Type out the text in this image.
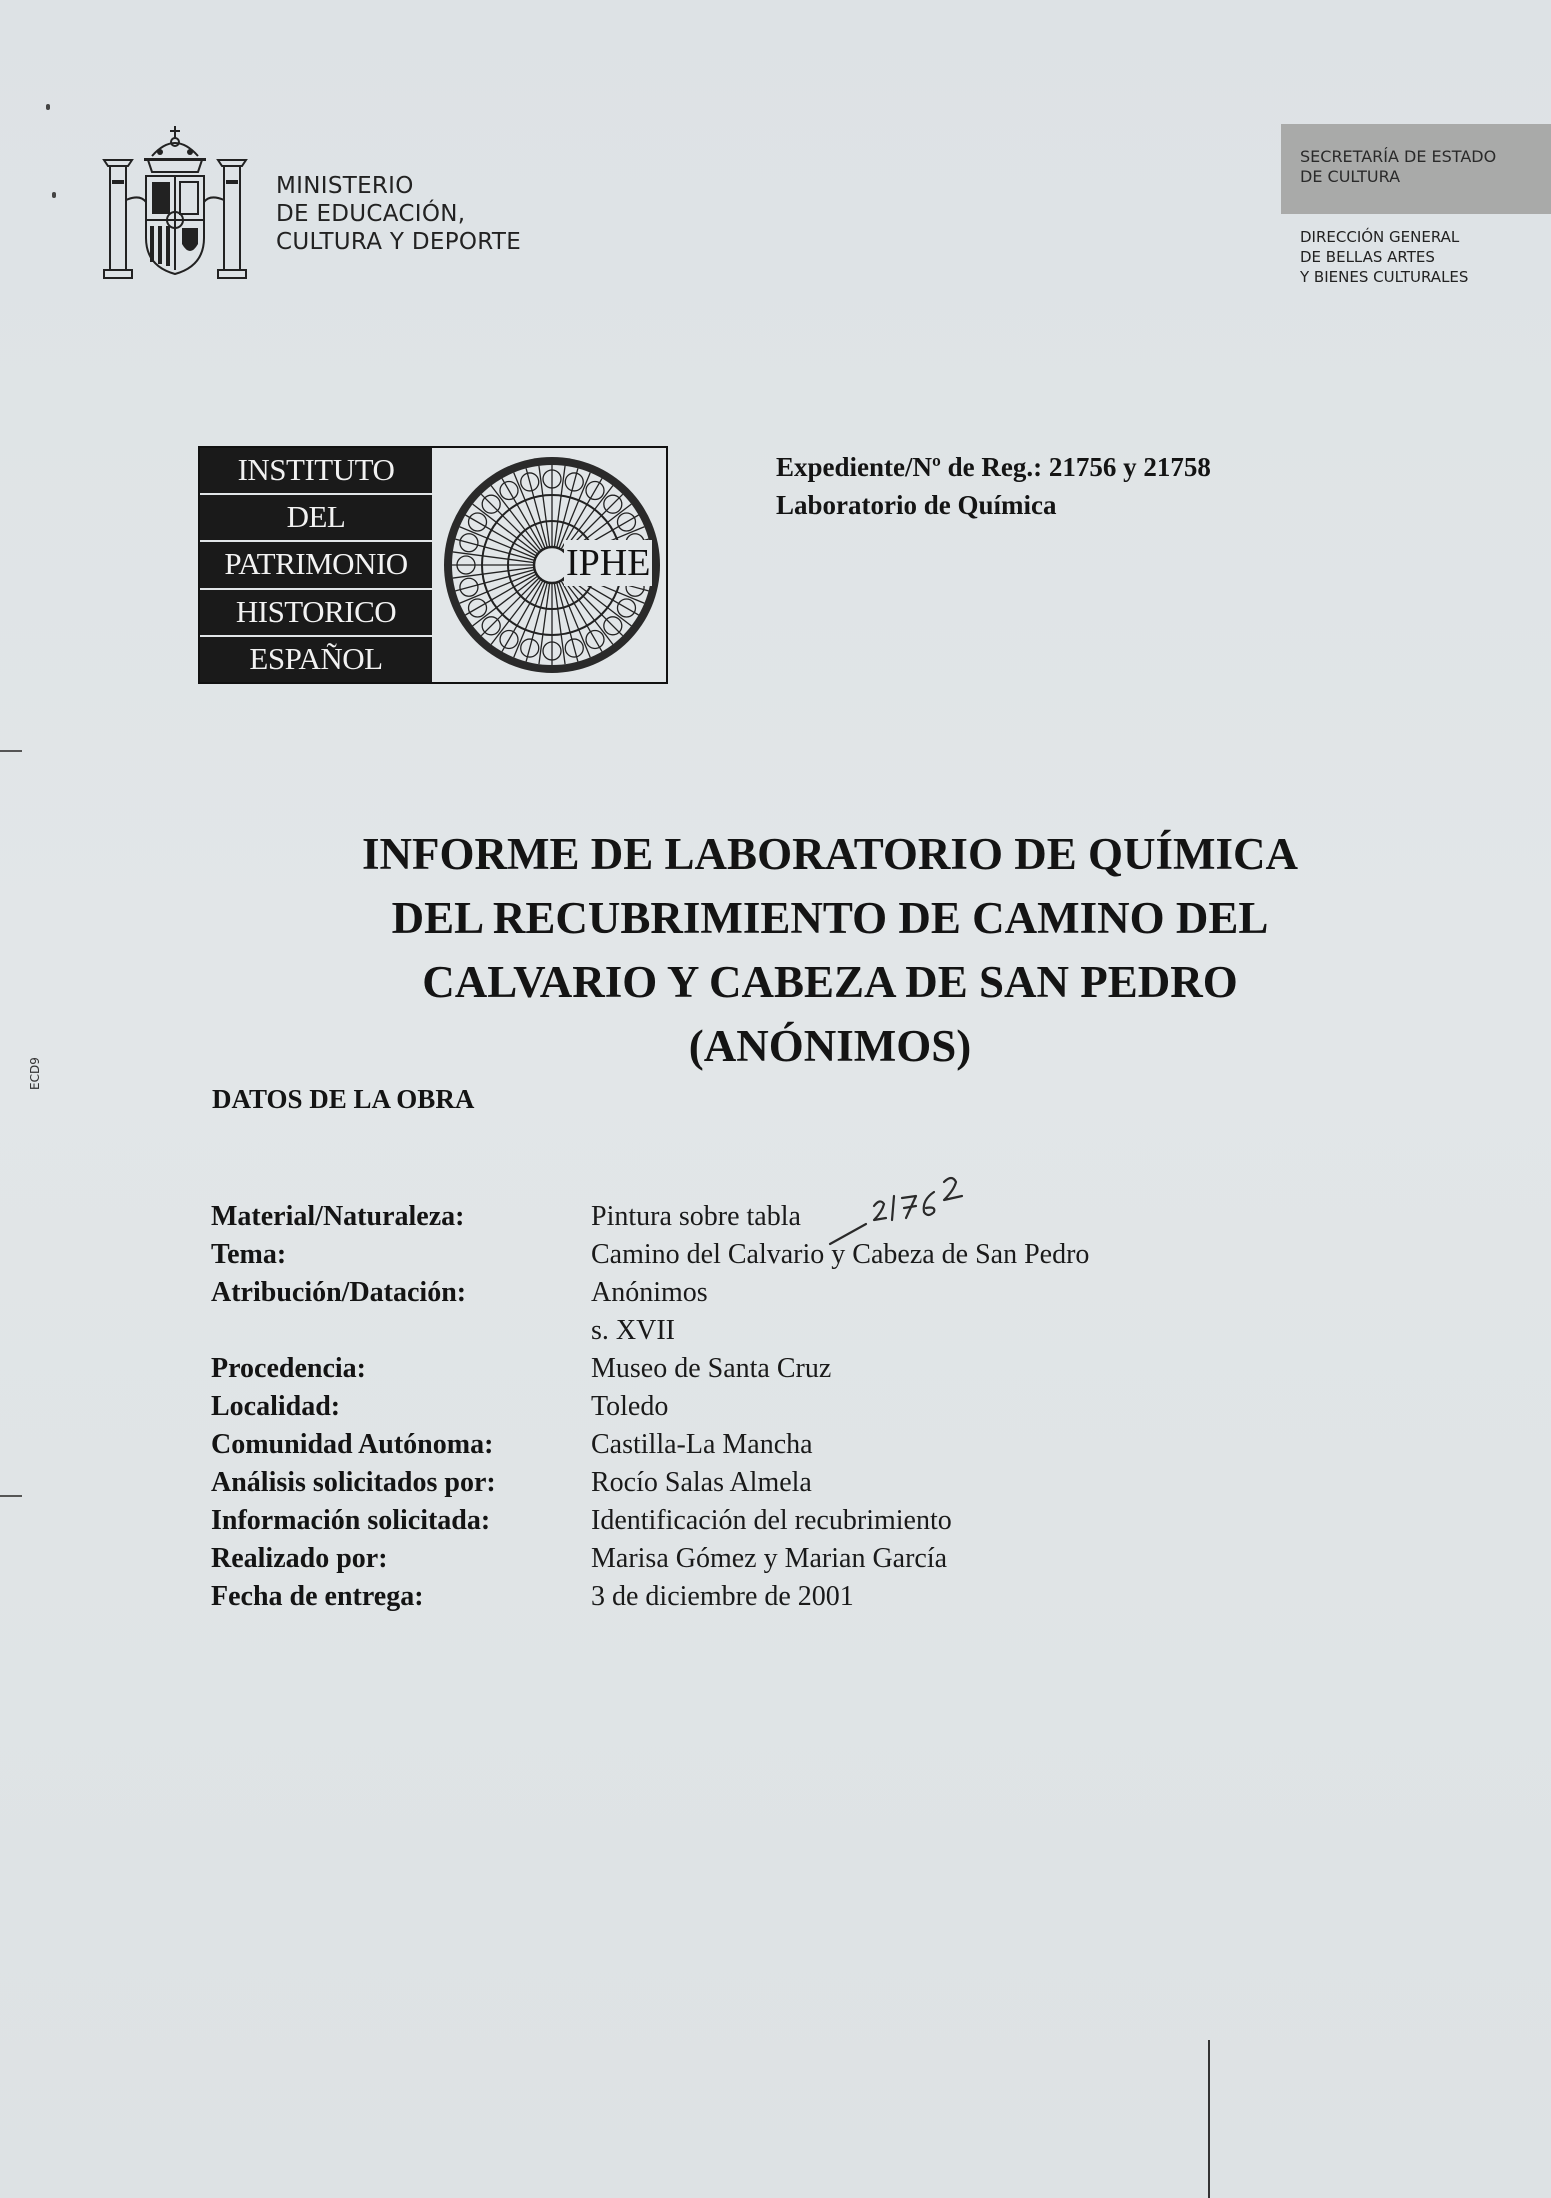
MINISTERIO
DE EDUCACIÓN,
CULTURA Y DEPORTE
SECRETARÍA DE ESTADO
DE CULTURA
DIRECCIÓN GENERAL
DE BELLAS ARTES
Y BIENES CULTURALES
INSTITUTO
DEL
PATRIMONIO
HISTORICO
ESPAÑOL
IPHE
Expediente/Nº de Reg.: 21756 y 21758
Laboratorio de Química
INFORME DE LABORATORIO DE QUÍMICA
DEL RECUBRIMIENTO DE CAMINO DEL
CALVARIO Y CABEZA DE SAN PEDRO
(ANÓNIMOS)
DATOS DE LA OBRA
Material/Naturaleza:	Pintura sobre tabla
Tema:	Camino del Calvario y Cabeza de San Pedro
Atribución/Datación:	Anónimos
s. XVII
Procedencia:	Museo de Santa Cruz
Localidad:	Toledo
Comunidad Autónoma:	Castilla-La Mancha
Análisis solicitados por:	Rocío Salas Almela
Información solicitada:	Identificación del recubrimiento
Realizado por:	Marisa Gómez y Marian García
Fecha de entrega:	3 de diciembre de 2001
ECD9
